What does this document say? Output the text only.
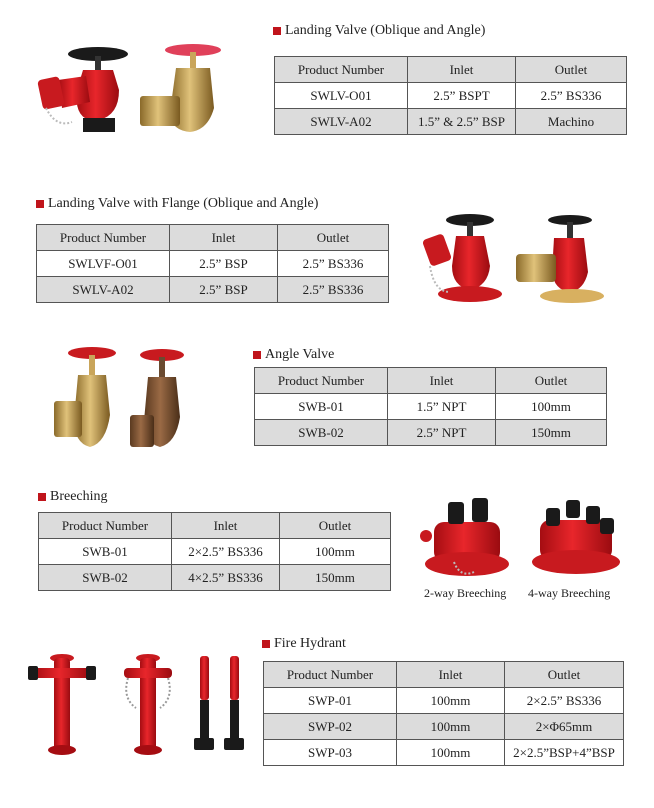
Landing Valve (Oblique and Angle)
Product Number	Inlet	Outlet
SWLV-O01	2.5” BSPT	2.5” BS336
SWLV-A02	1.5” & 2.5” BSP	Machino
Landing Valve with Flange (Oblique and Angle)
Product Number	Inlet	Outlet
SWLVF-O01	2.5” BSP	2.5” BS336
SWLV-A02	2.5” BSP	2.5” BS336
Angle Valve
Product Number	Inlet	Outlet
SWB-01	1.5” NPT	100mm
SWB-02	2.5” NPT	150mm
Breeching
Product Number	Inlet	Outlet
SWB-01	2×2.5” BS336	100mm
SWB-02	4×2.5” BS336	150mm
2-way Breeching 4-way Breeching
Fire Hydrant
Product Number	Inlet	Outlet
SWP-01	100mm	2×2.5” BS336
SWP-02	100mm	2×Φ65mm
SWP-03	100mm	2×2.5”BSP+4”BSP
